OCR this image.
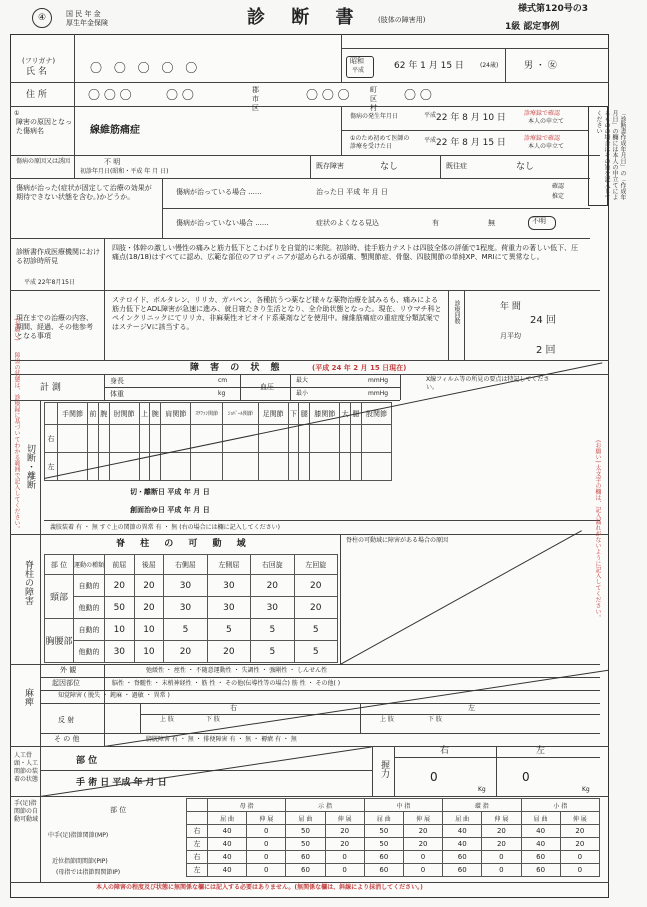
様式第120号の3
1級 認定事例
④	国 民 年 金
厚生年金保険	診 断 書 (肢体の障害用)
(フリガナ)
氏 名	〇 〇 〇 〇 〇	昭和
平成	62 年 1 月 15 日	(24歳)	男 ・ ㊛
住 所	〇 〇 〇	〇 〇	郡市区
〇 〇 〇	町区村
〇 〇
①
障害の原因となった傷病名	線維筋痛症
傷病の発生年月日	平成 22 年 8 月 10 日	診療録で確認
本人の申立て
①のため初めて医師の診療を受けた日
平成 22 年 8 月 15 日	診療録で確認
本人の申立て	「診断書作成年月日」の「作成年月日」の欄には本人の申立てによるものの場合はその旨を記入してください
傷病の原因又は誘因	不 明
初診年月日(昭和・平成 年 月 日)
既存障害	なし	既往症	なし
傷病が治った(症状が固定して治療の効果が期待できない状態を含む。)かどうか。
傷病が治っている場合 ......	治った日 平成 年 月 日
確認
推定
傷病が治っていない場合 ......	症状のよくなる見込	有	無	不明
診断書作成医療機関における初診時所見
平成 22年8月15日
四肢・体幹の激しい慢性の痛みと筋力低下とこわばりを自覚的に来院。初診時、徒手筋力テストは四肢全体の評価で1程度。荷重力の著しい低下、圧痛点(18/18)はすべてに認め、広範な部位のアロディニアが認められるが頭痛、顎関節症、骨盤、四肢関節の単純XP、MRIにて異常なし。
現在までの治療の内容、期間、経過、その他参考となる事項
ステロイド、ボルタレン、リリカ、ガバペン、各種抗うつ薬など様々な薬物治療を試みるも、痛みによる筋力低下とADL障害が急速に進み、就日寝たきり生活となり、全介助状態となった。現在、リウマチ科とペインクリニックにてリリカ、非麻薬性オピオイド系薬剤などを使用中。線維筋痛症の重症度分類試案ではステージVに該当する。
診療回数	年 間
24 回
月平均
2 回
障 害 の 状 態	(平成 24 年 2 月 15 日現在)
X線フィルム等の所見の要点は特記してください。
計 測
身長	cm
体重	kg
血圧
最大
最小
mmHg
mmHg
	手関節	前	腕	肘関節	上	腕	肩関節	ｽﾃﾌｧﾝ関節	ｼｮﾊﾟｰﾙ関節	足関節	下	腿	膝関節	大	腿	股関節
右																
左																
切・離断日 平成 年 月 日
創面治ゆ日 平成 年 月 日
義肢装着 有 ・ 無 すぐ上の関節の異常 有 ・ 無 (右の場合には欄に記入してください)
切断・離断
脊 柱 の 可 動 域	脊柱の可動域に障害がある場合の原因
脊柱の障害	部 位	運動の種類	前屈	後屈	右側屈	左側屈	右回旋	左回旋
頸部	自動的	20	20	30	30	20	20
	他動的	50	20	30	30	30	20
胸腰部	自動的	10	10	5	5	5	5
	他動的	30	10	20	20	5	5
麻痺
外 観	弛緩性 ・ 痙性 ・ 不随意運動性 ・ 失調性 ・ 強剛性 ・ しんせん性
起因部位	脳性 ・ 脊髄性 ・ 末梢神経性 ・ 筋 性 ・ その他(伝導性等の場合) 筋 性 ・ その他( )
知覚障害 ( 脱失 ・ 鈍麻 ・ 過敏 ・ 異常 )
反 射
右	左
上 肢	下 肢	上 肢	下 肢
そ の 他	膀胱障害 有 ・ 無 ・ 排便障害 有 ・ 無 ・ 褥瘡 有 ・ 無
人工骨頭・人工関節の装着の状態
部 位
手 術 日 平成 年 月 日
握力
右	左
0
Kg
0
Kg
手(足)指関節の自動可動域
部 位
中手(足)指節関節(MP)
近位指節間関節(PIP)
(母指では指節間関節IP)
	母 指		示 指		中 指		環 指		小 指	
	屈 曲	伸 展	屈 曲	伸 展	屈 曲	伸 展	屈 曲	伸 展	屈 曲	伸 展
右	40	0	50	20	50	20	40	20	40	20
左	40	0	50	20	50	20	40	20	40	20
右	40	0	60	0	60	0	60	0	60	0
左	40	0	60	0	60	0	60	0	60	0
本人の障害の程度及び状態に無関係な欄には記入する必要はありません。(無関係な欄は、斜線により抹消してください。)
(お願い)
障害の状態は、診療録に基づいてわかる範囲で記入してください。	(お願い) 太文字の欄は、記入漏れがないように記入してください。
